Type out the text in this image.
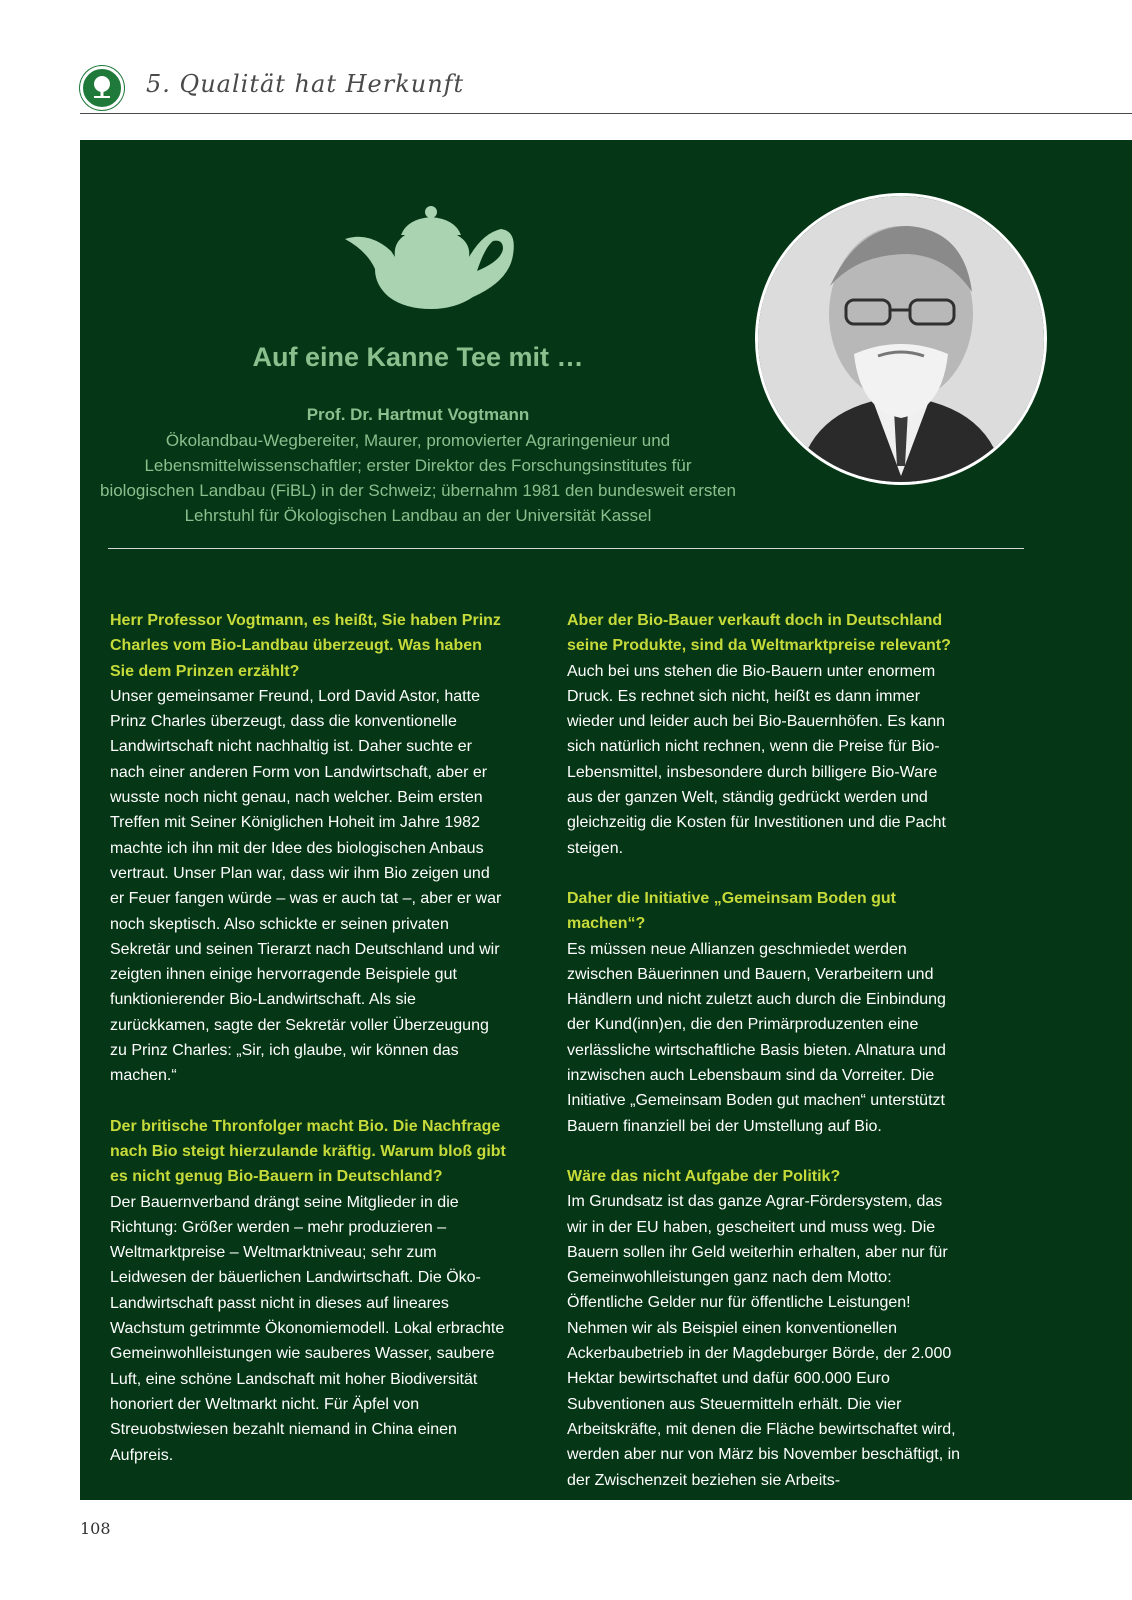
5. Qualität hat Herkunft
Auf eine Kanne Tee mit …
Prof. Dr. Hartmut Vogtmann

Ökolandbau-Wegbereiter, Maurer, promovierter Agraringenieur und Lebensmittelwissenschaftler; erster Direktor des Forschungsinstitutes für biologischen Landbau (FiBL) in der Schweiz; übernahm 1981 den bundesweit ersten Lehrstuhl für Ökologischen Landbau an der Universität Kassel

Herr Professor Vogtmann, es heißt, Sie haben Prinz Charles vom Bio-Landbau überzeugt. Was haben Sie dem Prinzen erzählt?

Unser gemeinsamer Freund, Lord David Astor, hatte Prinz Charles überzeugt, dass die konventionelle Landwirtschaft nicht nachhaltig ist. Daher suchte er nach einer anderen Form von Landwirtschaft, aber er wusste noch nicht genau, nach welcher. Beim ersten Treffen mit Seiner Königlichen Hoheit im Jahre 1982 machte ich ihn mit der Idee des biologischen Anbaus vertraut. Unser Plan war, dass wir ihm Bio zeigen und er Feuer fangen würde – was er auch tat –, aber er war noch skeptisch. Also schickte er seinen privaten Sekretär und seinen Tierarzt nach Deutschland und wir zeigten ihnen einige hervorragende Beispiele gut funktionierender Bio-Landwirtschaft. Als sie zurückkamen, sagte der Sekretär voller Überzeugung zu Prinz Charles: „Sir, ich glaube, wir können das machen.“

Der britische Thronfolger macht Bio. Die Nachfrage nach Bio steigt hierzulande kräftig. Warum bloß gibt es nicht genug Bio-Bauern in Deutschland?

Der Bauernverband drängt seine Mitglieder in die Richtung: Größer werden – mehr produzieren – Weltmarktpreise – Weltmarktniveau; sehr zum Leidwesen der bäuerlichen Landwirtschaft. Die Öko-Landwirtschaft passt nicht in dieses auf lineares Wachstum getrimmte Ökonomiemodell. Lokal erbrachte Gemeinwohlleistungen wie sauberes Wasser, saubere Luft, eine schöne Landschaft mit hoher Biodiversität honoriert der Weltmarkt nicht. Für Äpfel von Streuobstwiesen bezahlt niemand in China einen Aufpreis.

Aber der Bio-Bauer verkauft doch in Deutschland seine Produkte, sind da Weltmarktpreise relevant?

Auch bei uns stehen die Bio-Bauern unter enormem Druck. Es rechnet sich nicht, heißt es dann immer wieder und leider auch bei Bio-Bauernhöfen. Es kann sich natürlich nicht rechnen, wenn die Preise für Bio-Lebensmittel, insbesondere durch billigere Bio-Ware aus der ganzen Welt, ständig gedrückt werden und gleichzeitig die Kosten für Investitionen und die Pacht steigen.

Daher die Initiative „Gemeinsam Boden gut machen“?

Es müssen neue Allianzen geschmiedet werden zwischen Bäuerinnen und Bauern, Verarbeitern und Händlern und nicht zuletzt auch durch die Einbindung der Kund(inn)en, die den Primärproduzenten eine verlässliche wirtschaftliche Basis bieten. Alnatura und inzwischen auch Lebensbaum sind da Vorreiter. Die Initiative „Gemeinsam Boden gut machen“ unterstützt Bauern finanziell bei der Umstellung auf Bio.

Wäre das nicht Aufgabe der Politik?

Im Grundsatz ist das ganze Agrar-Fördersystem, das wir in der EU haben, gescheitert und muss weg. Die Bauern sollen ihr Geld weiterhin erhalten, aber nur für Gemeinwohlleistungen ganz nach dem Motto: Öffentliche Gelder nur für öffentliche Leistungen! Nehmen wir als Beispiel einen konventionellen Ackerbaubetrieb in der Magdeburger Börde, der 2.000 Hektar bewirtschaftet und dafür 600.000 Euro Subventionen aus Steuermitteln erhält. Die vier Arbeitskräfte, mit denen die Fläche bewirtschaftet wird, werden aber nur von März bis November beschäftigt, in der Zwischenzeit beziehen sie Arbeits-

108
